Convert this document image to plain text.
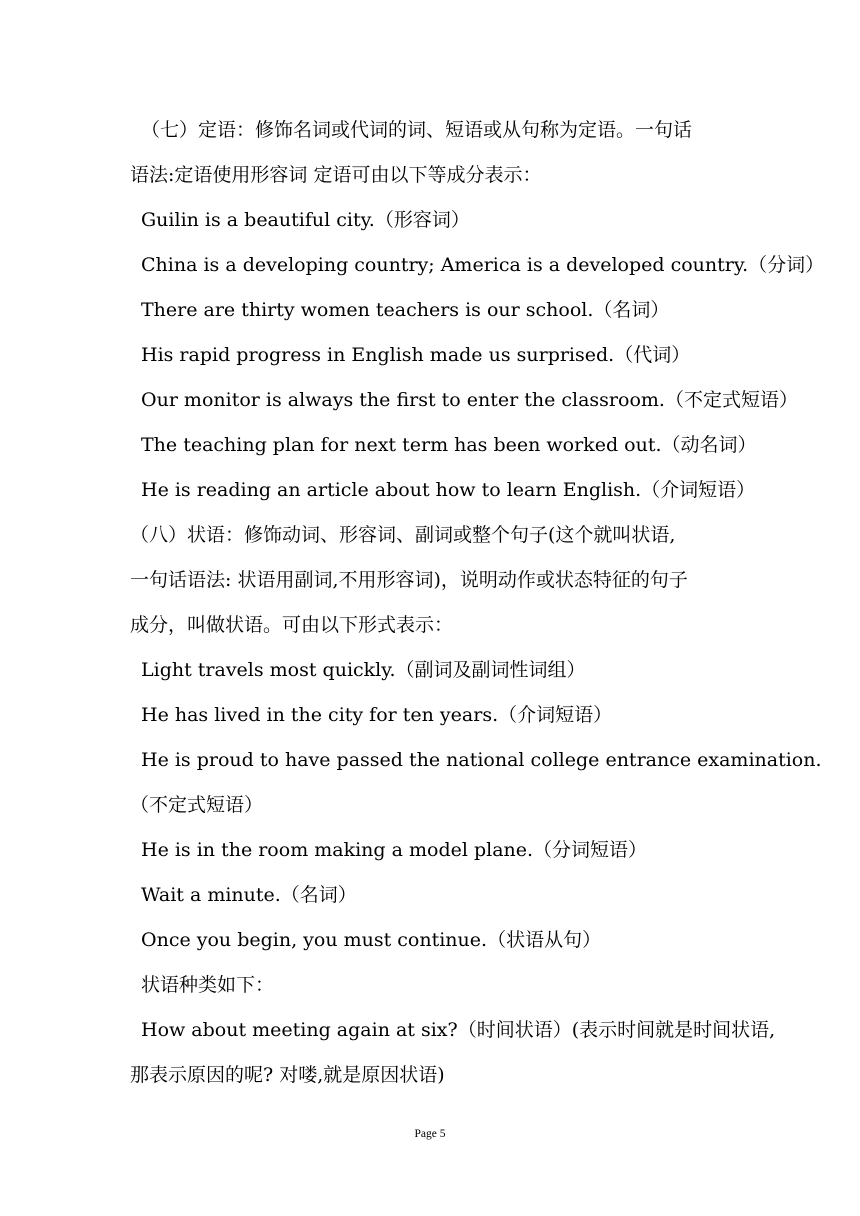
（七）定语：修饰名词或代词的词、短语或从句称为定语。一句话
语法:定语使用形容词 定语可由以下等成分表示：
Guilin is a beautiful city.（形容词）
China is a developing country; America is a developed country.（分词）
There are thirty women teachers is our school.（名词）
His rapid progress in English made us surprised.（代词）
Our monitor is always the first to enter the classroom.（不定式短语）
The teaching plan for next term has been worked out.（动名词）
He is reading an article about how to learn English.（介词短语）
（八）状语：修饰动词、形容词、副词或整个句子(这个就叫状语,
一句话语法: 状语用副词,不用形容词)，说明动作或状态特征的句子
成分，叫做状语。可由以下形式表示：
Light travels most quickly.（副词及副词性词组）
He has lived in the city for ten years.（介词短语）
He is proud to have passed the national college entrance examination.
（不定式短语）
He is in the room making a model plane.（分词短语）
Wait a minute.（名词）
Once you begin, you must continue.（状语从句）
状语种类如下：
How about meeting again at six?（时间状语）(表示时间就是时间状语,
那表示原因的呢? 对喽,就是原因状语)
Page 5
